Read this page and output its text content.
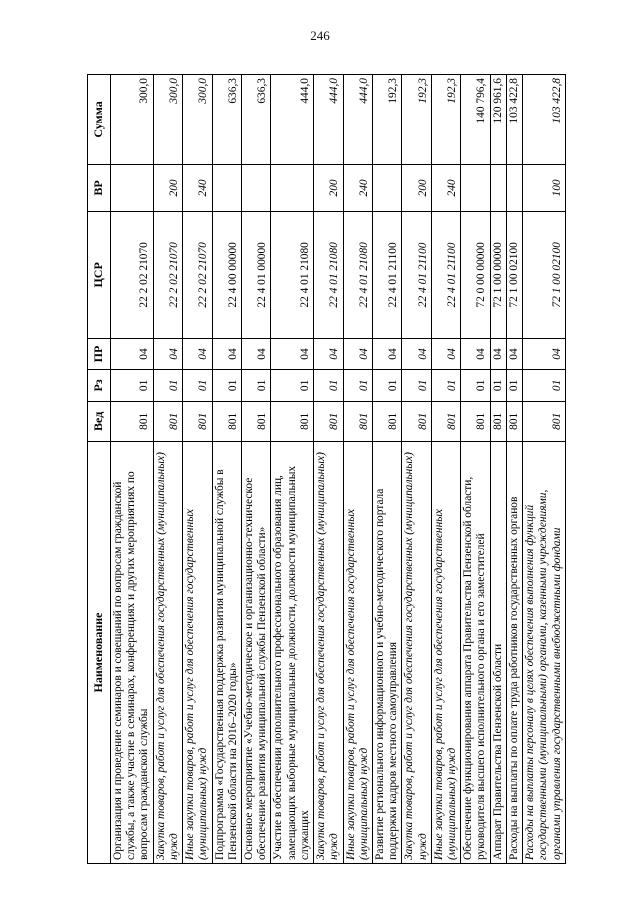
246
Наименование	Вед	Рз	ПР	ЦСР	ВР	Сумма
Организация и проведение семинаров и совещаний по вопросам гражданской службы, а также участие в семинарах, конференциях и других мероприятиях по вопросам гражданской службы	801	01	04	22 2 02 21070		300,0
Закупка товаров, работ и услуг для обеспечения государственных (муниципальных) нужд	801	01	04	22 2 02 21070	200	300,0
Иные закупки товаров, работ и услуг для обеспечения государственных (муниципальных) нужд	801	01	04	22 2 02 21070	240	300,0
Подпрограмма «Государственная поддержка развития муниципальной службы в Пензенской области на 2016–2020 годы»	801	01	04	22 4 00 00000		636,3
Основное мероприятие «Учебно-методическое и организационно-техническое обеспечение развития муниципальной службы Пензенской области»	801	01	04	22 4 01 00000		636,3
Участие в обеспечении дополнительного профессионального образования лиц, замещающих выборные муниципальные должности, должности муниципальных служащих	801	01	04	22 4 01 21080		444,0
Закупка товаров, работ и услуг для обеспечения государственных (муниципальных) нужд	801	01	04	22 4 01 21080	200	444,0
Иные закупки товаров, работ и услуг для обеспечения государственных (муниципальных) нужд	801	01	04	22 4 01 21080	240	444,0
Развитие регионального информационного и учебно-методического портала поддержки кадров местного самоуправления	801	01	04	22 4 01 21100		192,3
Закупка товаров, работ и услуг для обеспечения государственных (муниципальных) нужд	801	01	04	22 4 01 21100	200	192,3
Иные закупки товаров, работ и услуг для обеспечения государственных (муниципальных) нужд	801	01	04	22 4 01 21100	240	192,3
Обеспечение функционирования аппарата Правительства Пензенской области, руководителя высшего исполнительного органа и его заместителей	801	01	04	72 0 00 00000		140 796,4
Аппарат Правительства Пензенской области	801	01	04	72 1 00 00000		120 961,6
Расходы на выплаты по оплате труда работников государственных органов	801	01	04	72 1 00 02100		103 422,8
Расходы на выплаты персоналу в целях обеспечения выполнения функций государственными (муниципальными) органами, казенными учреждениями, органами управления государственными внебюджетными фондами	801	01	04	72 1 00 02100	100	103 422,8
